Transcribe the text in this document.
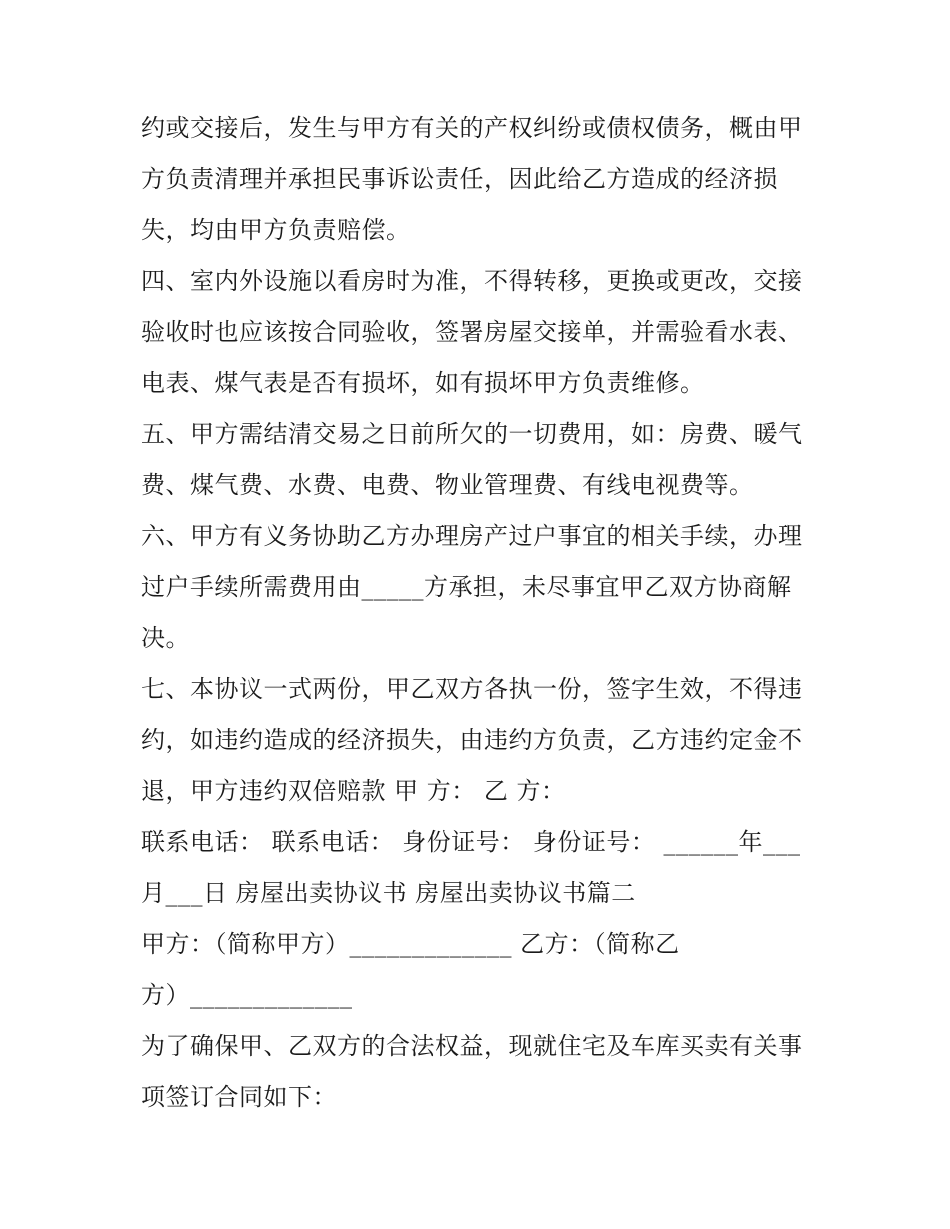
约或交接后，发生与甲方有关的产权纠纷或债权债务，概由甲
方负责清理并承担民事诉讼责任，因此给乙方造成的经济损
失，均由甲方负责赔偿。
四、室内外设施以看房时为准，不得转移，更换或更改，交接
验收时也应该按合同验收，签署房屋交接单，并需验看水表、
电表、煤气表是否有损坏，如有损坏甲方负责维修。
五、甲方需结清交易之日前所欠的一切费用，如：房费、暖气
费、煤气费、水费、电费、物业管理费、有线电视费等。
六、甲方有义务协助乙方办理房产过户事宜的相关手续，办理
过户手续所需费用由_____方承担，未尽事宜甲乙双方协商解
决。
七、本协议一式两份，甲乙双方各执一份，签字生效，不得违
约，如违约造成的经济损失，由违约方负责，乙方违约定金不
退，甲方违约双倍赔款 甲 方： 乙 方：
联系电话： 联系电话： 身份证号： 身份证号： ______年___
月___日 房屋出卖协议书 房屋出卖协议书篇二
甲方：（简称甲方）_____________ 乙方：（简称乙
方）_____________
为了确保甲、乙双方的合法权益，现就住宅及车库买卖有关事
项签订合同如下：
